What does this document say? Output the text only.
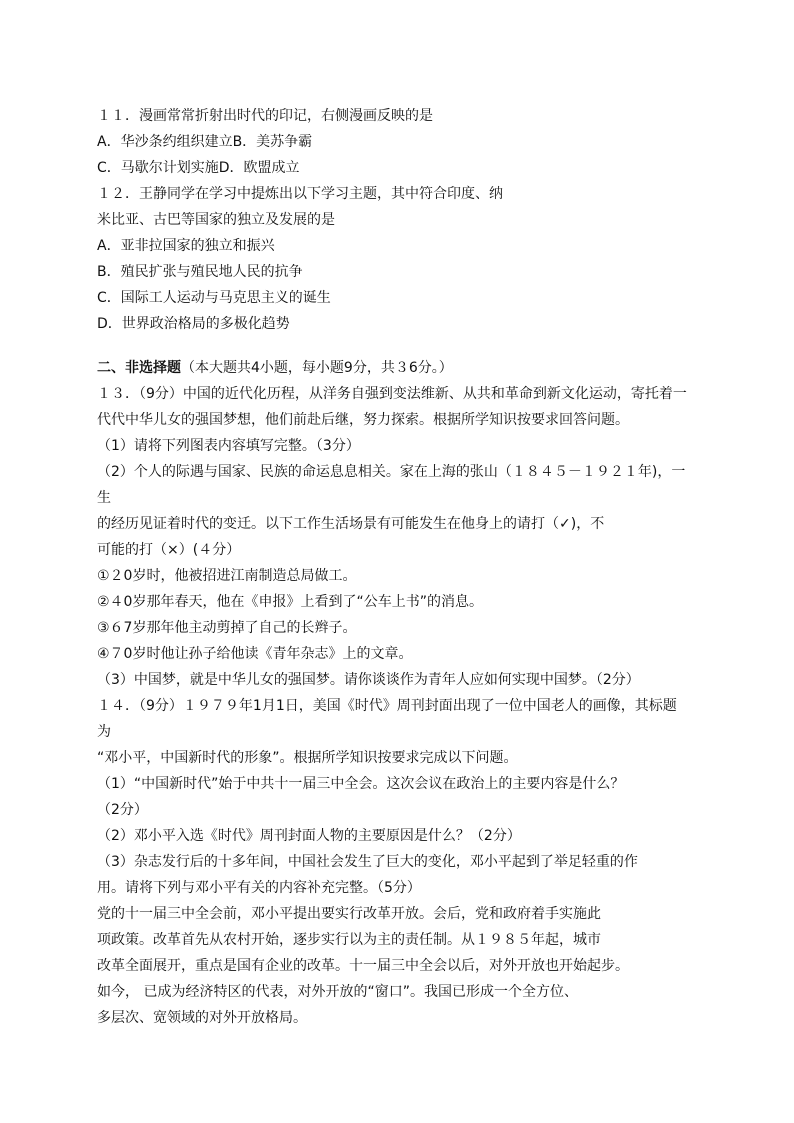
１１．漫画常常折射出时代的印记，右侧漫画反映的是
A．华沙条约组织建立B．美苏争霸
C．马歇尔计划实施D．欧盟成立
１２．王静同学在学习中提炼出以下学习主题，其中符合印度、纳
米比亚、古巴等国家的独立及发展的是
A．亚非拉国家的独立和振兴
B．殖民扩张与殖民地人民的抗争
C．国际工人运动与马克思主义的诞生
D．世界政治格局的多极化趋势
二、非选择题（本大题共4小题，每小题9分，共３6分。）
１３．（9分）中国的近代化历程，从洋务自强到变法维新、从共和革命到新文化运动，寄托着一
代代中华儿女的强国梦想，他们前赴后继，努力探索。根据所学知识按要求回答问题。
（1）请将下列图表内容填写完整。（3分）
（2）个人的际遇与国家、民族的命运息息相关。家在上海的张山（１８４５－１９２１年)，一
生
的经历见证着时代的变迁。以下工作生活场景有可能发生在他身上的请打（✓)，不
可能的打（×）(４分）
①２0岁时，他被招进江南制造总局做工。
②４0岁那年春天，他在《申报》上看到了“公车上书”的消息。
③６7岁那年他主动剪掉了自己的长辫子。
④７0岁时他让孙子给他读《青年杂志》上的文章。
（3）中国梦，就是中华儿女的强国梦。请你谈谈作为青年人应如何实现中国梦。（2分）
１４．（9分）１９７９年1月1日，美国《时代》周刊封面出现了一位中国老人的画像，其标题
为
“邓小平，中国新时代的形象”。根据所学知识按要求完成以下问题。
（1）“中国新时代”始于中共十一届三中全会。这次会议在政治上的主要内容是什么？
（2分）
（2）邓小平入选《时代》周刊封面人物的主要原因是什么？（2分）
（3）杂志发行后的十多年间，中国社会发生了巨大的变化，邓小平起到了举足轻重的作
用。请将下列与邓小平有关的内容补充完整。（5分）
党的十一届三中全会前，邓小平提出要实行改革开放。会后，党和政府着手实施此
项政策。改革首先从农村开始，逐步实行以为主的责任制。从１９８５年起，城市
改革全面展开，重点是国有企业的改革。十一届三中全会以后，对外开放也开始起步。
如今， 已成为经济特区的代表，对外开放的“窗口”。我国已形成一个全方位、
多层次、宽领域的对外开放格局。
